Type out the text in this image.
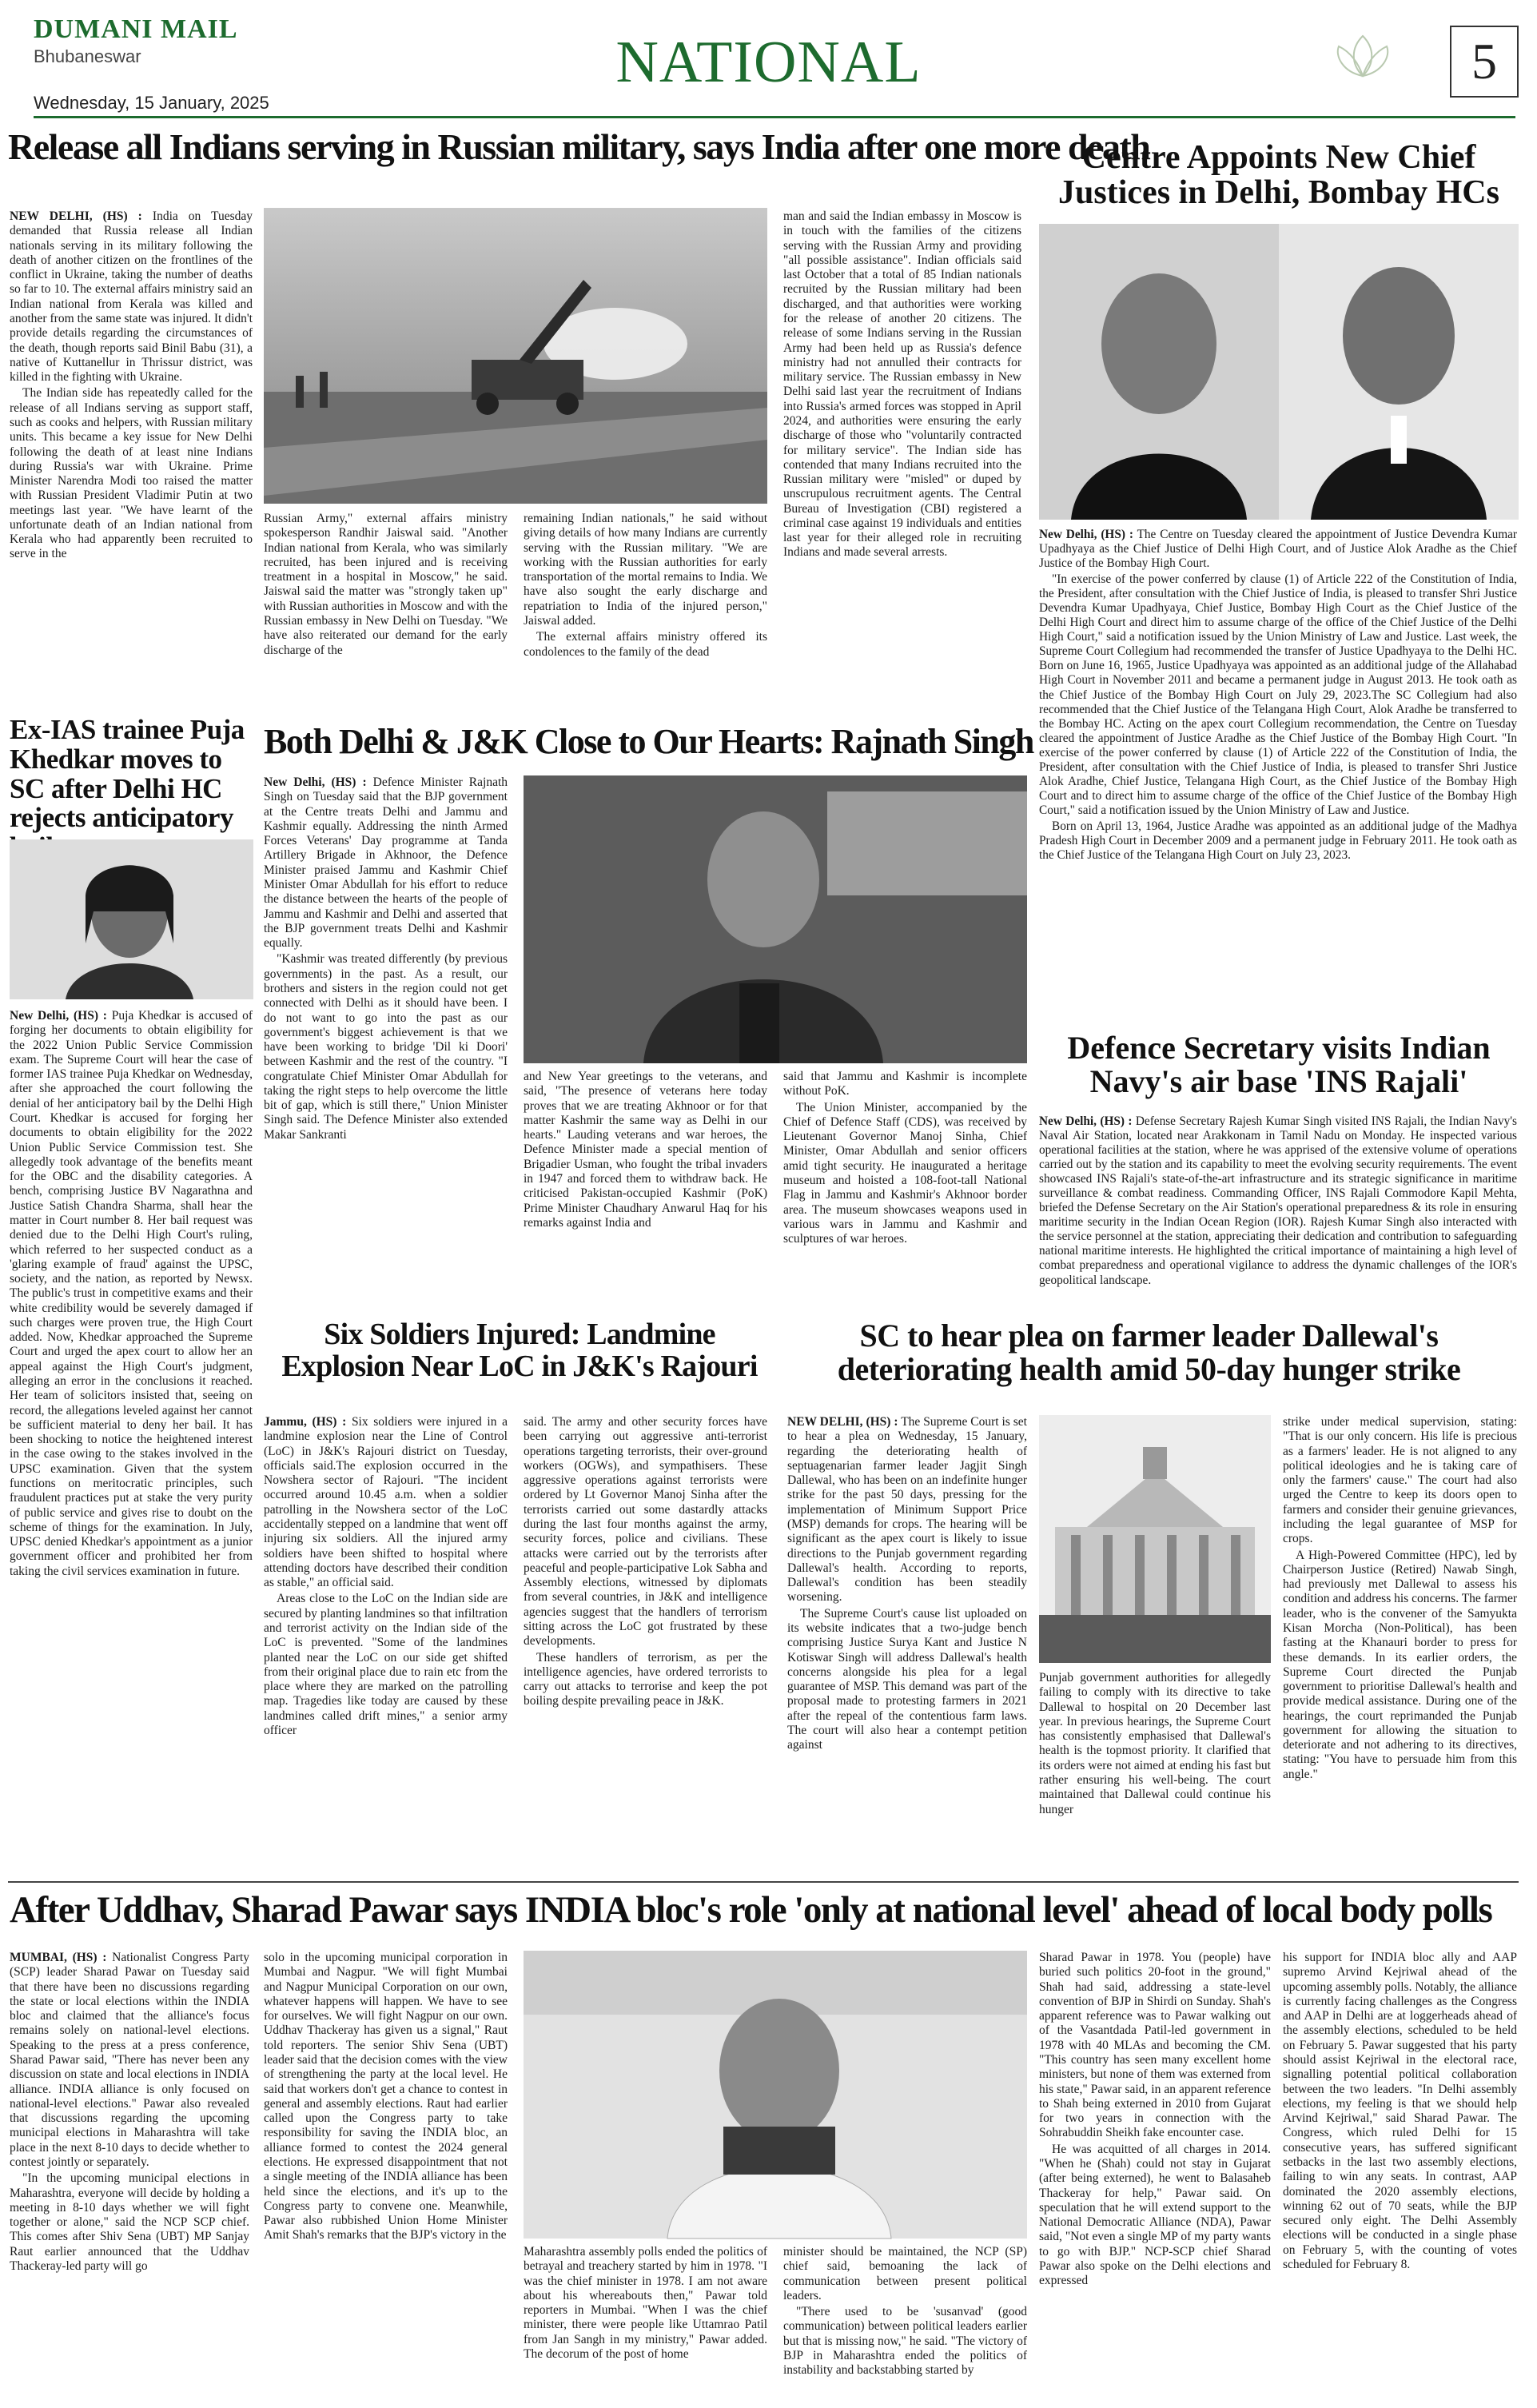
DUMANI MAIL
Bhubaneswar	NATIONAL	5
Wednesday, 15 January, 2025
Release all Indians serving in Russian military, says India after one more death

NEW DELHI, (HS) : India on Tuesday demanded that Russia release all Indian nationals serving in its military following the death of another citizen on the frontlines of the conflict in Ukraine, taking the number of deaths so far to 10. The external affairs ministry said an Indian national from Kerala was killed and another from the same state was injured. It didn't provide details regarding the circumstances of the death, though reports said Binil Babu (31), a native of Kuttanellur in Thrissur district, was killed in the fighting with Ukraine.

The Indian side has repeatedly called for the release of all Indians serving as support staff, such as cooks and helpers, with Russian military units. This became a key issue for New Delhi following the death of at least nine Indians during Russia's war with Ukraine. Prime Minister Narendra Modi too raised the matter with Russian President Vladimir Putin at two meetings last year. "We have learnt of the unfortunate death of an Indian national from Kerala who had apparently been recruited to serve in the

Russian Army," external affairs ministry spokesperson Randhir Jaiswal said. "Another Indian national from Kerala, who was similarly recruited, has been injured and is receiving treatment in a hospital in Moscow," he said. Jaiswal said the matter was "strongly taken up" with Russian authorities in Moscow and with the Russian embassy in New Delhi on Tuesday. "We have also reiterated our demand for the early discharge of the

remaining Indian nationals," he said without giving details of how many Indians are currently serving with the Russian military. "We are working with the Russian authorities for early transportation of the mortal remains to India. We have also sought the early discharge and repatriation to India of the injured person," Jaiswal added.

The external affairs ministry offered its condolences to the family of the dead

man and said the Indian embassy in Moscow is in touch with the families of the citizens serving with the Russian Army and providing "all possible assistance". Indian officials said last October that a total of 85 Indian nationals recruited by the Russian military had been discharged, and that authorities were working for the release of another 20 citizens. The release of some Indians serving in the Russian Army had been held up as Russia's defence ministry had not annulled their contracts for military service. The Russian embassy in New Delhi said last year the recruitment of Indians into Russia's armed forces was stopped in April 2024, and authorities were ensuring the early discharge of those who "voluntarily contracted for military service". The Indian side has contended that many Indians recruited into the Russian military were "misled" or duped by unscrupulous recruitment agents. The Central Bureau of Investigation (CBI) registered a criminal case against 19 individuals and entities last year for their alleged role in recruiting Indians and made several arrests.

Centre Appoints New Chief Justices in Delhi, Bombay HCs

New Delhi, (HS) : The Centre on Tuesday cleared the appointment of Justice Devendra Kumar Upadhyaya as the Chief Justice of Delhi High Court, and of Justice Alok Aradhe as the Chief Justice of the Bombay High Court.

"In exercise of the power conferred by clause (1) of Article 222 of the Constitution of India, the President, after consultation with the Chief Justice of India, is pleased to transfer Shri Justice Devendra Kumar Upadhyaya, Chief Justice, Bombay High Court as the Chief Justice of the Delhi High Court and direct him to assume charge of the office of the Chief Justice of the Delhi High Court," said a notification issued by the Union Ministry of Law and Justice. Last week, the Supreme Court Collegium had recommended the transfer of Justice Upadhyaya to the Delhi HC. Born on June 16, 1965, Justice Upadhyaya was appointed as an additional judge of the Allahabad High Court in November 2011 and became a permanent judge in August 2013. He took oath as the Chief Justice of the Bombay High Court on July 29, 2023.The SC Collegium had also recommended that the Chief Justice of the Telangana High Court, Alok Aradhe be transferred to the Bombay HC. Acting on the apex court Collegium recommendation, the Centre on Tuesday cleared the appointment of Justice Aradhe as the Chief Justice of the Bombay High Court. "In exercise of the power conferred by clause (1) of Article 222 of the Constitution of India, the President, after consultation with the Chief Justice of India, is pleased to transfer Shri Justice Alok Aradhe, Chief Justice, Telangana High Court, as the Chief Justice of the Bombay High Court and to direct him to assume charge of the office of the Chief Justice of the Bombay High Court," said a notification issued by the Union Ministry of Law and Justice.

Born on April 13, 1964, Justice Aradhe was appointed as an additional judge of the Madhya Pradesh High Court in December 2009 and a permanent judge in February 2011. He took oath as the Chief Justice of the Telangana High Court on July 23, 2023.

Ex-IAS trainee Puja Khedkar moves to SC after Delhi HC rejects anticipatory

New Delhi, (HS) : Puja Khedkar is accused of forging her documents to obtain eligibility for the 2022 Union Public Service Commission exam. The Supreme Court will hear the case of former IAS trainee Puja Khedkar on Wednesday, after she approached the court following the denial of her anticipatory bail by the Delhi High Court. Khedkar is accused for forging her documents to obtain eligibility for the 2022 Union Public Service Commission test. She allegedly took advantage of the benefits meant for the OBC and the disability categories. A bench, comprising Justice BV Nagarathna and Justice Satish Chandra Sharma, shall hear the matter in Court number 8. Her bail request was denied due to the Delhi High Court's ruling, which referred to her suspected conduct as a 'glaring example of fraud' against the UPSC, society, and the nation, as reported by Newsx. The public's trust in competitive exams and their white credibility would be severely damaged if such charges were proven true, the High Court added. Now, Khedkar approached the Supreme Court and urged the apex court to allow her an appeal against the High Court's judgment, alleging an error in the conclusions it reached. Her team of solicitors insisted that, seeing on record, the allegations leveled against her cannot be sufficient material to deny her bail. It has been shocking to notice the heightened interest in the case owing to the stakes involved in the UPSC examination. Given that the system functions on meritocratic principles, such fraudulent practices put at stake the very purity of public service and gives rise to doubt on the scheme of things for the examination. In July, UPSC denied Khedkar's appointment as a junior government officer and prohibited her from taking the civil services examination in future.

Both Delhi & J&K Close to Our Hearts: Rajnath Singh

New Delhi, (HS) : Defence Minister Rajnath Singh on Tuesday said that the BJP government at the Centre treats Delhi and Jammu and Kashmir equally. Addressing the ninth Armed Forces Veterans' Day programme at Tanda Artillery Brigade in Akhnoor, the Defence Minister praised Jammu and Kashmir Chief Minister Omar Abdullah for his effort to reduce the distance between the hearts of the people of Jammu and Kashmir and Delhi and asserted that the BJP government treats Delhi and Kashmir equally.

"Kashmir was treated differently (by previous governments) in the past. As a result, our brothers and sisters in the region could not get connected with Delhi as it should have been. I do not want to go into the past as our government's biggest achievement is that we have been working to bridge 'Dil ki Doori' between Kashmir and the rest of the country. "I congratulate Chief Minister Omar Abdullah for taking the right steps to help overcome the little bit of gap, which is still there," Union Minister Singh said. The Defence Minister also extended Makar Sankranti

and New Year greetings to the veterans, and said, "The presence of veterans here today proves that we are treating Akhnoor or for that matter Kashmir the same way as Delhi in our hearts." Lauding veterans and war heroes, the Defence Minister made a special mention of Brigadier Usman, who fought the tribal invaders in 1947 and forced them to withdraw back. He criticised Pakistan-occupied Kashmir (PoK) Prime Minister Chaudhary Anwarul Haq for his remarks against India and

said that Jammu and Kashmir is incomplete without PoK.

The Union Minister, accompanied by the Chief of Defence Staff (CDS), was received by Lieutenant Governor Manoj Sinha, Chief Minister, Omar Abdullah and senior officers amid tight security. He inaugurated a heritage museum and hoisted a 108-foot-tall National Flag in Jammu and Kashmir's Akhnoor border area. The museum showcases weapons used in various wars in Jammu and Kashmir and sculptures of war heroes.

Defence Secretary visits Indian Navy's air base 'INS Rajali'

New Delhi, (HS) : Defense Secretary Rajesh Kumar Singh visited INS Rajali, the Indian Navy's Naval Air Station, located near Arakkonam in Tamil Nadu on Monday. He inspected various operational facilities at the station, where he was apprised of the extensive volume of operations carried out by the station and its capability to meet the evolving security requirements. The event showcased INS Rajali's state-of-the-art infrastructure and its strategic significance in maritime surveillance & combat readiness. Commanding Officer, INS Rajali Commodore Kapil Mehta, briefed the Defense Secretary on the Air Station's operational preparedness & its role in ensuring maritime security in the Indian Ocean Region (IOR). Rajesh Kumar Singh also interacted with the service personnel at the station, appreciating their dedication and contribution to safeguarding national maritime interests. He highlighted the critical importance of maintaining a high level of combat preparedness and operational vigilance to address the dynamic challenges of the IOR's geopolitical landscape.

Six Soldiers Injured: Landmine Explosion Near LoC in J&K's Rajouri

Jammu, (HS) : Six soldiers were injured in a landmine explosion near the Line of Control (LoC) in J&K's Rajouri district on Tuesday, officials said.The explosion occurred in the Nowshera sector of Rajouri. "The incident occurred around 10.45 a.m. when a soldier patrolling in the Nowshera sector of the LoC accidentally stepped on a landmine that went off injuring six soldiers. All the injured army soldiers have been shifted to hospital where attending doctors have described their condition as stable," an official said.

Areas close to the LoC on the Indian side are secured by planting landmines so that infiltration and terrorist activity on the Indian side of the LoC is prevented. "Some of the landmines planted near the LoC on our side get shifted from their original place due to rain etc from the place where they are marked on the patrolling map. Tragedies like today are caused by these landmines called drift mines," a senior army officer

said. The army and other security forces have been carrying out aggressive anti-terrorist operations targeting terrorists, their over-ground workers (OGWs), and sympathisers. These aggressive operations against terrorists were ordered by Lt Governor Manoj Sinha after the terrorists carried out some dastardly attacks during the last four months against the army, security forces, police and civilians. These attacks were carried out by the terrorists after peaceful and people-participative Lok Sabha and Assembly elections, witnessed by diplomats from several countries, in J&K and intelligence agencies suggest that the handlers of terrorism sitting across the LoC got frustrated by these developments.

These handlers of terrorism, as per the intelligence agencies, have ordered terrorists to carry out attacks to terrorise and keep the pot boiling despite prevailing peace in J&K.

SC to hear plea on farmer leader Dallewal's deteriorating health amid 50-day hunger strike

NEW DELHI, (HS) : The Supreme Court is set to hear a plea on Wednesday, 15 January, regarding the deteriorating health of septuagenarian farmer leader Jagjit Singh Dallewal, who has been on an indefinite hunger strike for the past 50 days, pressing for the implementation of Minimum Support Price (MSP) demands for crops. The hearing will be significant as the apex court is likely to issue directions to the Punjab government regarding Dallewal's health. According to reports, Dallewal's condition has been steadily worsening.

The Supreme Court's cause list uploaded on its website indicates that a two-judge bench comprising Justice Surya Kant and Justice N Kotiswar Singh will address Dallewal's health concerns alongside his plea for a legal guarantee of MSP. This demand was part of the proposal made to protesting farmers in 2021 after the repeal of the contentious farm laws. The court will also hear a contempt petition against

Punjab government authorities for allegedly failing to comply with its directive to take Dallewal to hospital on 20 December last year. In previous hearings, the Supreme Court has consistently emphasised that Dallewal's health is the topmost priority. It clarified that its orders were not aimed at ending his fast but rather ensuring his well-being. The court maintained that Dallewal could continue his hunger

strike under medical supervision, stating: "That is our only concern. His life is precious as a farmers' leader. He is not aligned to any political ideologies and he is taking care of only the farmers' cause." The court had also urged the Centre to keep its doors open to farmers and consider their genuine grievances, including the legal guarantee of MSP for crops.

A High-Powered Committee (HPC), led by Chairperson Justice (Retired) Nawab Singh, had previously met Dallewal to assess his condition and address his concerns. The farmer leader, who is the convener of the Samyukta Kisan Morcha (Non-Political), has been fasting at the Khanauri border to press for these demands. In its earlier orders, the Supreme Court directed the Punjab government to prioritise Dallewal's health and provide medical assistance. During one of the hearings, the court reprimanded the Punjab government for allowing the situation to deteriorate and not adhering to its directives, stating: "You have to persuade him from this angle."

After Uddhav, Sharad Pawar says INDIA bloc's role 'only at national level' ahead of local body polls

MUMBAI, (HS) : Nationalist Congress Party (SCP) leader Sharad Pawar on Tuesday said that there have been no discussions regarding the state or local elections within the INDIA bloc and claimed that the alliance's focus remains solely on national-level elections. Speaking to the press at a press conference, Sharad Pawar said, "There has never been any discussion on state and local elections in INDIA alliance. INDIA alliance is only focused on national-level elections." Pawar also revealed that discussions regarding the upcoming municipal elections in Maharashtra will take place in the next 8-10 days to decide whether to contest jointly or separately.

"In the upcoming municipal elections in Maharashtra, everyone will decide by holding a meeting in 8-10 days whether we will fight together or alone," said the NCP SCP chief. This comes after Shiv Sena (UBT) MP Sanjay Raut earlier announced that the Uddhav Thackeray-led party will go

solo in the upcoming municipal corporation in Mumbai and Nagpur. "We will fight Mumbai and Nagpur Municipal Corporation on our own, whatever happens will happen. We have to see for ourselves. We will fight Nagpur on our own. Uddhav Thackeray has given us a signal," Raut told reporters. The senior Shiv Sena (UBT) leader said that the decision comes with the view of strengthening the party at the local level. He said that workers don't get a chance to contest in general and assembly elections. Raut had earlier called upon the Congress party to take responsibility for saving the INDIA bloc, an alliance formed to contest the 2024 general elections. He expressed disappointment that not a single meeting of the INDIA alliance has been held since the elections, and it's up to the Congress party to convene one. Meanwhile, Pawar also rubbished Union Home Minister Amit Shah's remarks that the BJP's victory in the

Maharashtra assembly polls ended the politics of betrayal and treachery started by him in 1978. "I was the chief minister in 1978. I am not aware about his whereabouts then," Pawar told reporters in Mumbai. "When I was the chief minister, there were people like Uttamrao Patil from Jan Sangh in my ministry," Pawar added. The decorum of the post of home

minister should be maintained, the NCP (SP) chief said, bemoaning the lack of communication between present political leaders.

"There used to be 'susanvad' (good communication) between political leaders earlier but that is missing now," he said. "The victory of BJP in Maharashtra ended the politics of instability and backstabbing started by

Sharad Pawar in 1978. You (people) have buried such politics 20-foot in the ground," Shah had said, addressing a state-level convention of BJP in Shirdi on Sunday. Shah's apparent reference was to Pawar walking out of the Vasantdada Patil-led government in 1978 with 40 MLAs and becoming the CM. "This country has seen many excellent home ministers, but none of them was externed from his state," Pawar said, in an apparent reference to Shah being externed in 2010 from Gujarat for two years in connection with the Sohrabuddin Sheikh fake encounter case.

He was acquitted of all charges in 2014. "When he (Shah) could not stay in Gujarat (after being externed), he went to Balasaheb Thackeray for help," Pawar said. On speculation that he will extend support to the National Democratic Alliance (NDA), Pawar said, "Not even a single MP of my party wants to go with BJP." NCP-SCP chief Sharad Pawar also spoke on the Delhi elections and expressed

his support for INDIA bloc ally and AAP supremo Arvind Kejriwal ahead of the upcoming assembly polls. Notably, the alliance is currently facing challenges as the Congress and AAP in Delhi are at loggerheads ahead of the assembly elections, scheduled to be held on February 5. Pawar suggested that his party should assist Kejriwal in the electoral race, signalling potential political collaboration between the two leaders. "In Delhi assembly elections, my feeling is that we should help Arvind Kejriwal," said Sharad Pawar. The Congress, which ruled Delhi for 15 consecutive years, has suffered significant setbacks in the last two assembly elections, failing to win any seats. In contrast, AAP dominated the 2020 assembly elections, winning 62 out of 70 seats, while the BJP secured only eight. The Delhi Assembly elections will be conducted in a single phase on February 5, with the counting of votes scheduled for February 8.
